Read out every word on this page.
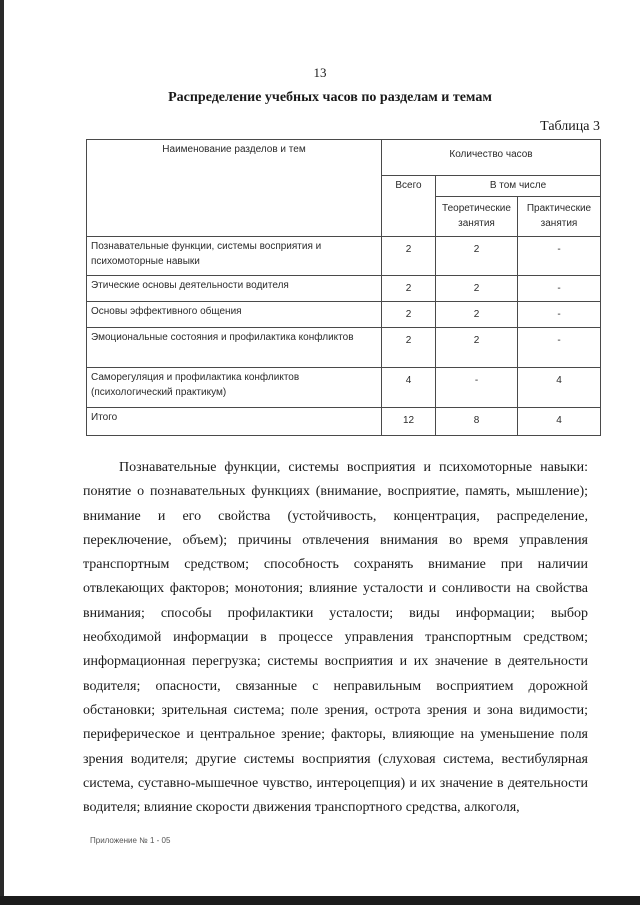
13
Распределение учебных часов по разделам и темам
Таблица 3
Наименование разделов и тем	Количество часов		
	Всего	В том числе	
		Теоретические занятия	Практические занятия
Познавательные функции, системы восприятия и психомоторные навыки	2	2	-
Этические основы деятельности водителя	2	2	-
Основы эффективного общения	2	2	-
Эмоциональные состояния и профилактика конфликтов	2	2	-
Саморегуляция и профилактика конфликтов (психологический практикум)	4	-	4
Итого	12	8	4

Познавательные функции, системы восприятия и психомоторные навыки: понятие о познавательных функциях (внимание, восприятие, память, мышление); внимание и его свойства (устойчивость, концентрация, распределение, переключение, объем); причины отвлечения внимания во время управления транспортным средством; способность сохранять внимание при наличии отвлекающих факторов; монотония; влияние усталости и сонливости на свойства внимания; способы профилактики усталости; виды информации; выбор необходимой информации в процессе управления транспортным средством; информационная перегрузка; системы восприятия и их значение в деятельности водителя; опасности, связанные с неправильным восприятием дорожной обстановки; зрительная система; поле зрения, острота зрения и зона видимости; периферическое и центральное зрение; факторы, влияющие на уменьшение поля зрения водителя; другие системы восприятия (слуховая система, вестибулярная система, суставно-мышечное чувство, интероцепция) и их значение в деятельности водителя; влияние скорости движения транспортного средства, алкоголя,

Приложение № 1 - 05
